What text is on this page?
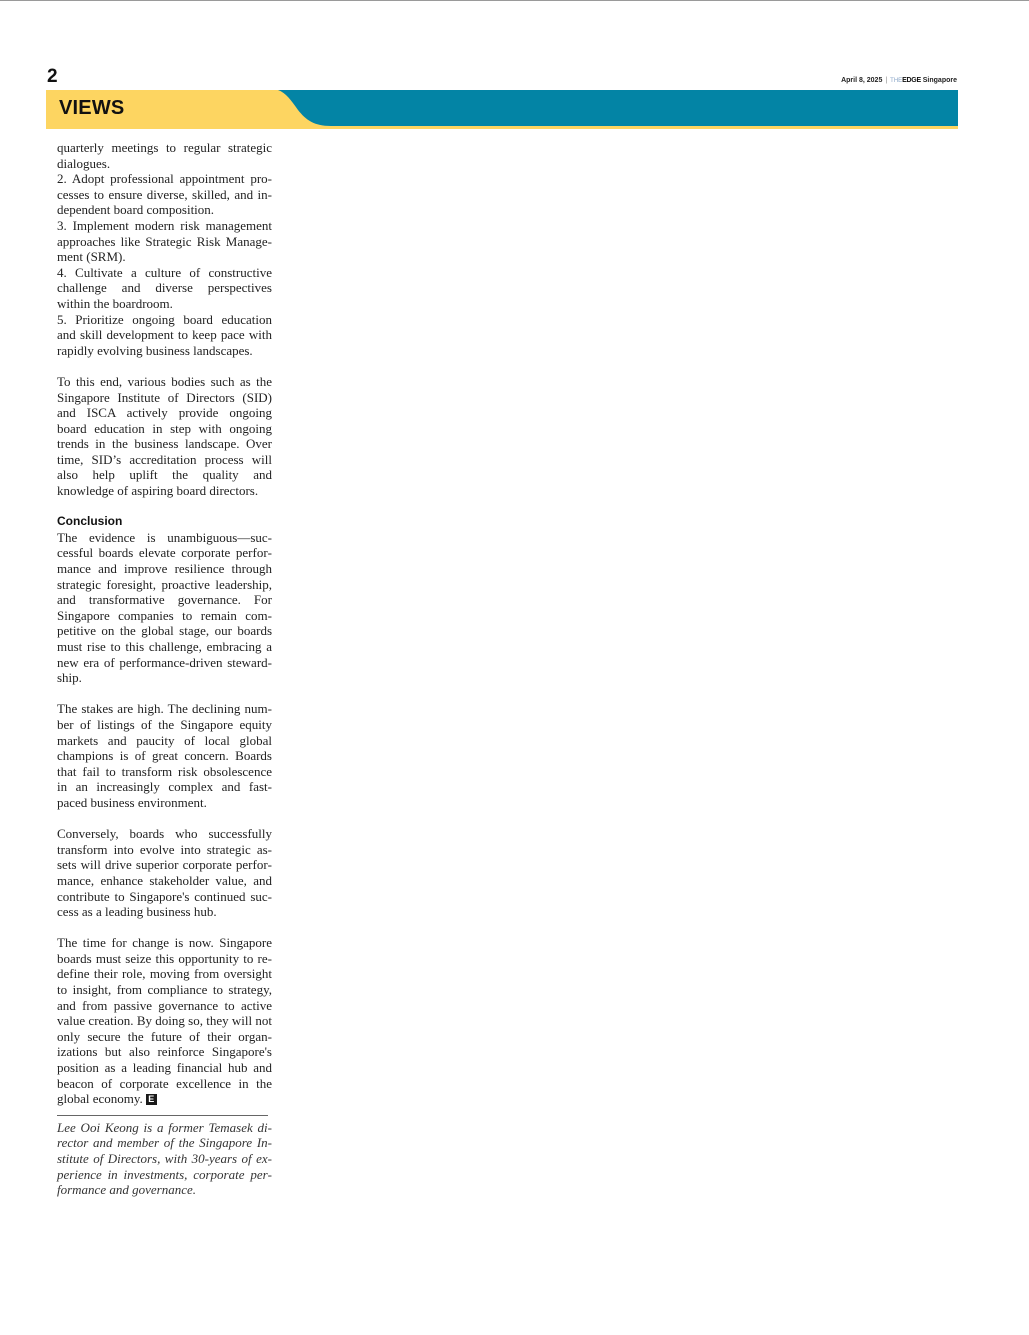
2	April 8, 2025 | THEEDGE Singapore
VIEWS

quarterly meetings to regular strategic dialogues.

2. Adopt professional appointment processes to ensure diverse, skilled, and independent board composition.

3. Implement modern risk management approaches like Strategic Risk Management (SRM).

4. Cultivate a culture of constructive challenge and diverse perspectives within the boardroom.

5. Prioritize ongoing board education and skill development to keep pace with rapidly evolving business landscapes.

To this end, various bodies such as the Singapore Institute of Directors (SID) and ISCA actively provide ongoing board education in step with ongoing trends in the business landscape. Over time, SID’s accreditation process will also help uplift the quality and knowledge of aspiring board directors.

Conclusion

The evidence is unambiguous—successful boards elevate corporate performance and improve resilience through strategic foresight, proactive leadership, and transformative governance. For Singapore companies to remain competitive on the global stage, our boards must rise to this challenge, embracing a new era of performance-driven stewardship.

The stakes are high. The declining number of listings of the Singapore equity markets and paucity of local global champions is of great concern. Boards that fail to transform risk obsolescence in an increasingly complex and fast-paced business environment.

Conversely, boards who successfully transform into evolve into strategic assets will drive superior corporate performance, enhance stakeholder value, and contribute to Singapore's continued success as a leading business hub.

The time for change is now. Singapore boards must seize this opportunity to redefine their role, moving from oversight to insight, from compliance to strategy, and from passive governance to active value creation. By doing so, they will not only secure the future of their organizations but also reinforce Singapore's position as a leading financial hub and beacon of corporate excellence in the global economy. E

Lee Ooi Keong is a former Temasek director and member of the Singapore Institute of Directors, with 30-years of experience in investments, corporate performance and governance.
